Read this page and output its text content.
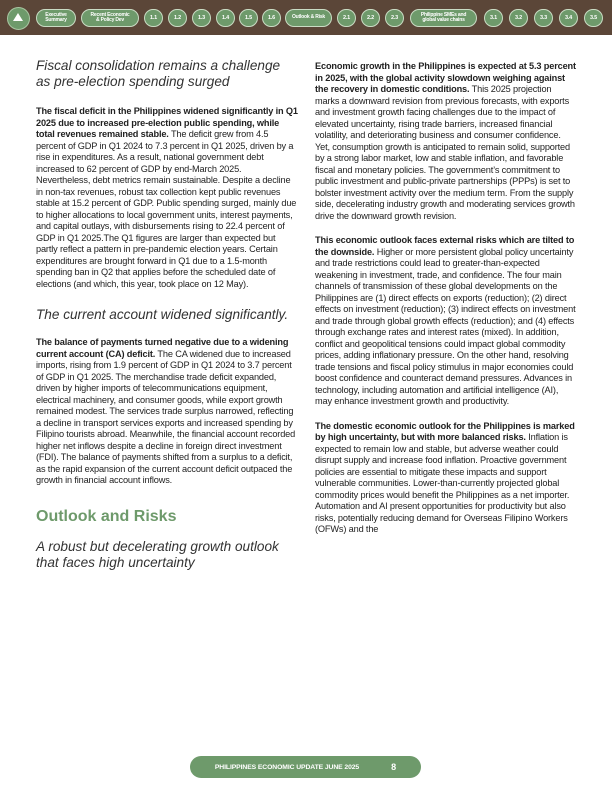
Executive
Summary
Recent Economic
& Policy Dev	1.1	1.2	1.3	1.4	1.5	1.6	Outlook & Risk	2.1	2.2	2.3
Philippine SMEs and
global value chains	3.1	3.2	3.3	3.4	3.5
Fiscal consolidation remains a challenge as pre-election spending surged

The fiscal deficit in the Philippines widened significantly in Q1 2025 due to increased pre-election public spending, while total revenues remained stable. The deficit grew from 4.5 percent of GDP in Q1 2024 to 7.3 percent in Q1 2025, driven by a rise in expenditures. As a result, national government debt increased to 62 percent of GDP by end-March 2025. Nevertheless, debt metrics remain sustainable. Despite a decline in non-tax revenues, robust tax collection kept public revenues stable at 15.2 percent of GDP. Public spending surged, mainly due to higher allocations to local government units, interest payments, and capital outlays, with disbursements rising to 22.4 percent of GDP in Q1 2025.The Q1 figures are larger than expected but partly reflect a pattern in pre-pandemic election years. Certain expenditures are brought forward in Q1 due to a 1.5-month spending ban in Q2 that applies before the scheduled date of elections (and which, this year, took place on 12 May).

The current account widened significantly.

The balance of payments turned negative due to a widening current account (CA) deficit. The CA widened due to increased imports, rising from 1.9 percent of GDP in Q1 2024 to 3.7 percent of GDP in Q1 2025. The merchandise trade deficit expanded, driven by higher imports of telecommunications equipment, electrical machinery, and consumer goods, while export growth remained modest. The services trade surplus narrowed, reflecting a decline in transport services exports and increased spending by Filipino tourists abroad. Meanwhile, the financial account recorded higher net inflows despite a decline in foreign direct investment (FDI). The balance of payments shifted from a surplus to a deficit, as the rapid expansion of the current account deficit outpaced the growth in financial account inflows.

Outlook and Risks
A robust but decelerating growth outlook that faces high uncertainty

Economic growth in the Philippines is expected at 5.3 percent in 2025, with the global activity slowdown weighing against the recovery in domestic conditions. This 2025 projection marks a downward revision from previous forecasts, with exports and investment growth facing challenges due to the impact of elevated uncertainty, rising trade barriers, increased financial volatility, and deteriorating business and consumer confidence. Yet, consumption growth is anticipated to remain solid, supported by a strong labor market, low and stable inflation, and favorable fiscal and monetary policies. The government’s commitment to public investment and public-private partnerships (PPPs) is set to bolster investment activity over the medium term. From the supply side, decelerating industry growth and moderating services growth drive the downward growth revision.

This economic outlook faces external risks which are tilted to the downside. Higher or more persistent global policy uncertainty and trade restrictions could lead to greater-than-expected weakening in investment, trade, and confidence. The four main channels of transmission of these global developments on the Philippines are (1) direct effects on exports (reduction); (2) direct effects on investment (reduction); (3) indirect effects on investment and trade through global growth effects (reduction); and (4) effects through exchange rates and interest rates (mixed). In addition, conflict and geopolitical tensions could impact global commodity prices, adding inflationary pressure. On the other hand, resolving trade tensions and fiscal policy stimulus in major economies could boost confidence and counteract demand pressures. Advances in technology, including automation and artificial intelligence (AI), may enhance investment growth and productivity.

The domestic economic outlook for the Philippines is marked by high uncertainty, but with more balanced risks. Inflation is expected to remain low and stable, but adverse weather could disrupt supply and increase food inflation. Proactive government policies are essential to mitigate these impacts and support vulnerable communities. Lower-than-currently projected global commodity prices would benefit the Philippines as a net importer. Automation and AI present opportunities for productivity but also risks, potentially reducing demand for Overseas Filipino Workers (OFWs) and the

PHILIPPINES ECONOMIC UPDATE JUNE 2025	8
